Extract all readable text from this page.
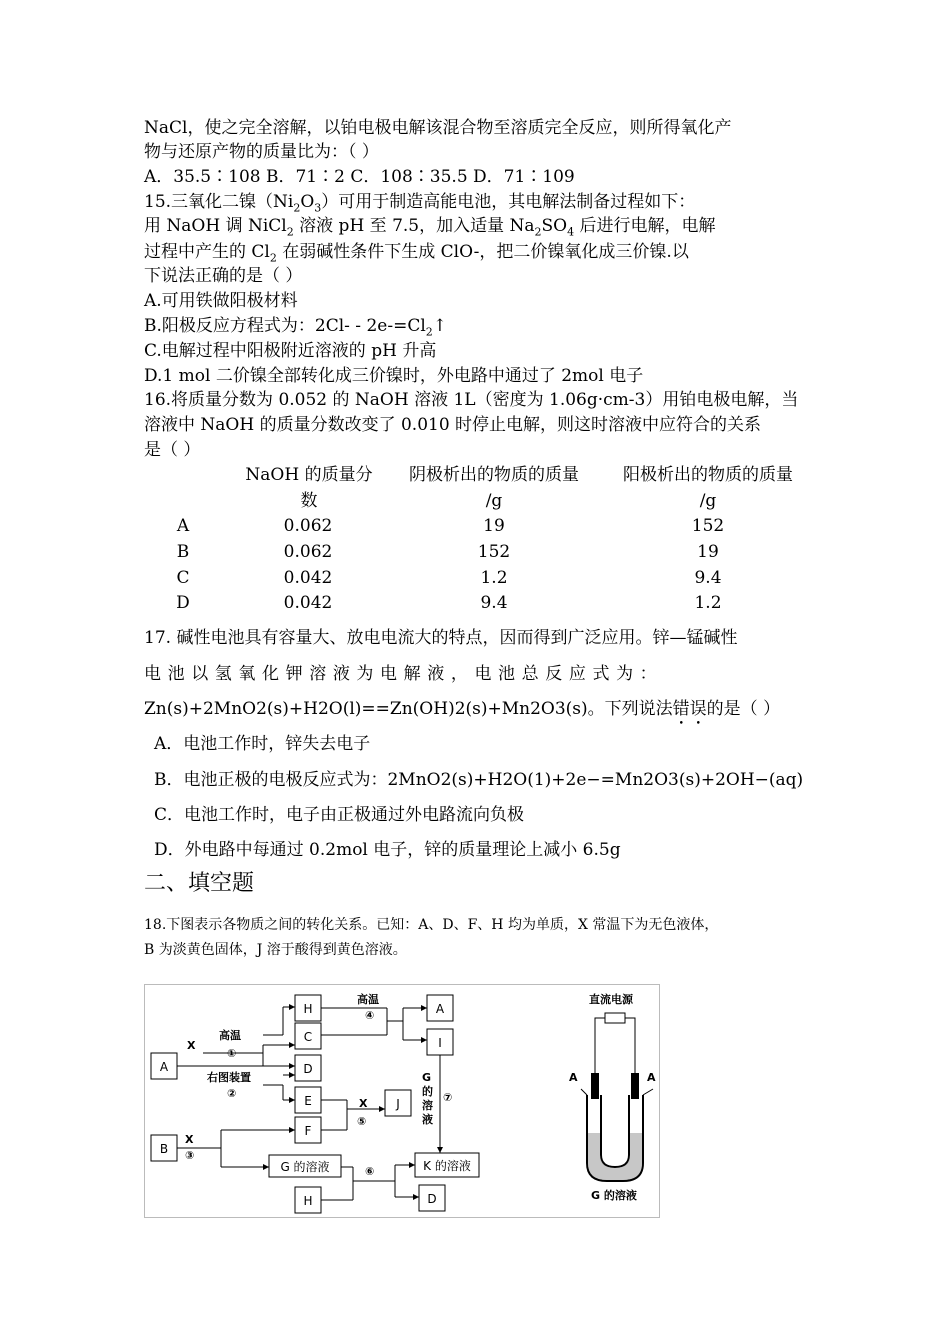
NaCl，使之完全溶解，以铂电极电解该混合物至溶质完全反应，则所得氧化产
物与还原产物的质量比为：（ ）
A．35.5∶108 B．71∶2 C．108∶35.5 D．71∶109
15.三氧化二镍$(Ni_2O_3)$可用于制造高能电池，其电解法制备过程如下：
用 NaOH 调 NiCl$_2$ 溶液 pH 至 7.5，加入适量 $Na_2SO_4$ 后进行电解，电解
过程中产生的 $Cl_2$ 在弱碱性条件下生成 ClO-，把二价镍氧化成三价镍.以
下说法正确的是（ ）
A.可用铁做阳极材料
B.阳极反应方程式为：$2Cl- - 2e-=Cl_2↑$
C.电解过程中阳极附近溶液的 pH 升高
D.1 mol 二价镍全部转化成三价镍时，外电路中通过了 2mol 电子
16.将质量分数为 0.052 的 NaOH 溶液 1L（密度为 1.06g·cm-3）用铂电极电解，当
溶液中 NaOH 的质量分数改变了 0.010 时停止电解，则这时溶液中应符合的关系
是（ ）
NaOH 的质量分	阴极析出的物质的质量	阳极析出的物质的质量
数	/g	/g
A	0.062	19	152
B	0.062	152	19
C	0.042	1.2	9.4
D	0.042	9.4	1.2
17. 碱性电池具有容量大、放电电流大的特点，因而得到广泛应用。锌—锰碱性
电 池 以 氢 氧 化 钾 溶 液 为 电 解 液 ， 电 池 总 反 应 式 为 ：
Zn(s)+2MnO2(s)+H2O(l)==Zn(OH)2(s)+Mn2O3(s)。下列说法错误的是（ ）
A．电池工作时，锌失去电子
B．电池正极的电极反应式为：2MnO2(s)+H2O(1)+2e−=Mn2O3(s)+2OH−(aq)
C．电池工作时，电子由正极通过外电路流向负极
D．外电路中每通过 0.2mol 电子，锌的质量理论上减小 6.5g
二、填空题
18.下图表示各物质之间的转化关系。已知：A、D、F、H 均为单质，X 常温下为无色液体，
B 为淡黄色固体，J 溶于酸得到黄色溶液。
A
B
H
C
D
E
F
G 的溶液
H
A
I
J
K 的溶液
D
X
高温
①
右图装置
②
高温
④
X
⑤
X
③
⑥
G
的
溶
液
⑦
直流电源
A	A
G 的溶液
